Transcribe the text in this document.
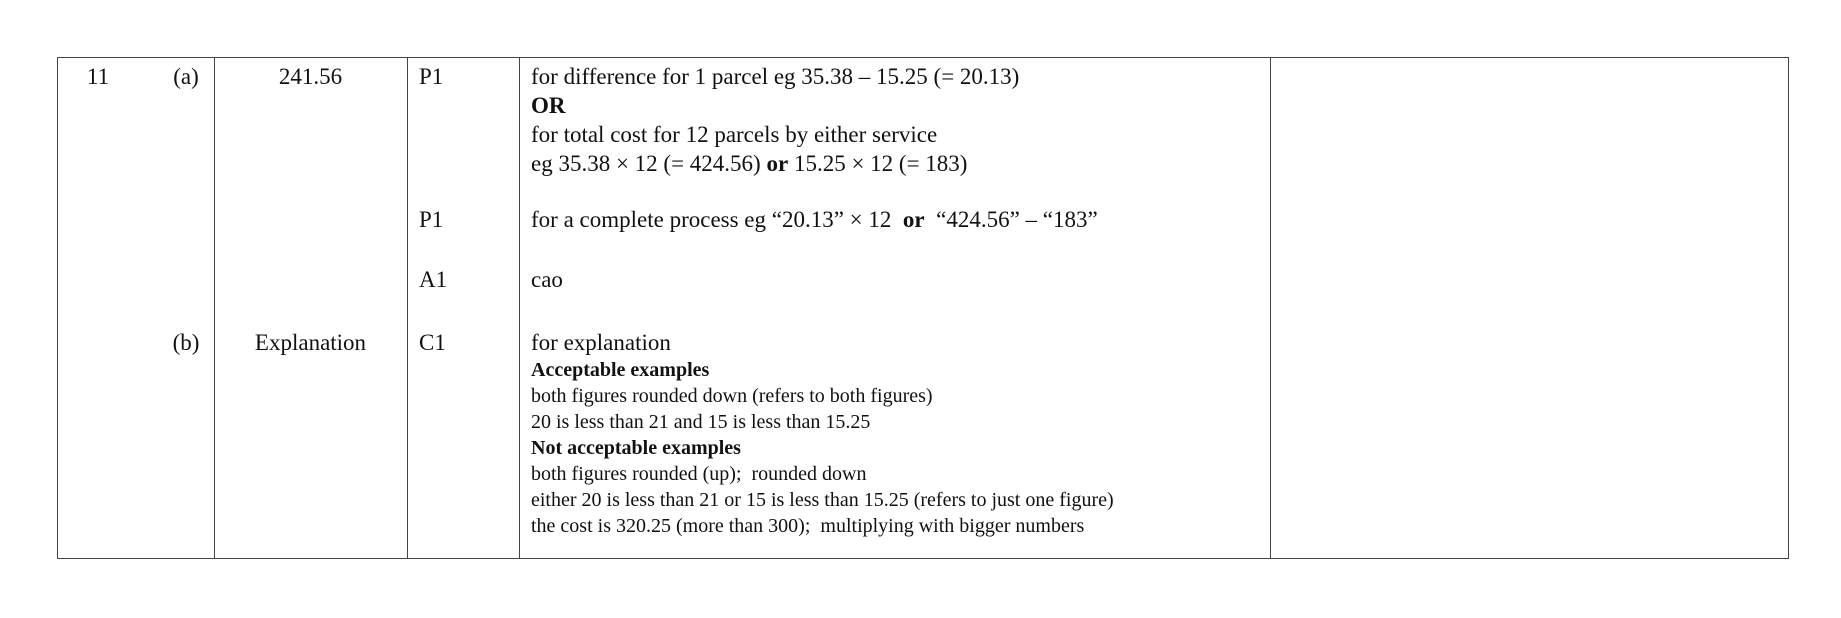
11	(a)
(b)
241.56
Explanation
P1
P1
A1
C1
for difference for 1 parcel eg 35.38 – 15.25 (= 20.13)
OR
for total cost for 12 parcels by either service
eg 35.38 × 12 (= 424.56) or 15.25 × 12 (= 183)
for a complete process eg “20.13” × 12  or  “424.56” – “183”
cao
for explanation
Acceptable examples
both figures rounded down (refers to both figures)
20 is less than 21 and 15 is less than 15.25
Not acceptable examples
both figures rounded (up);  rounded down
either 20 is less than 21 or 15 is less than 15.25 (refers to just one figure)
the cost is 320.25 (more than 300);  multiplying with bigger numbers
